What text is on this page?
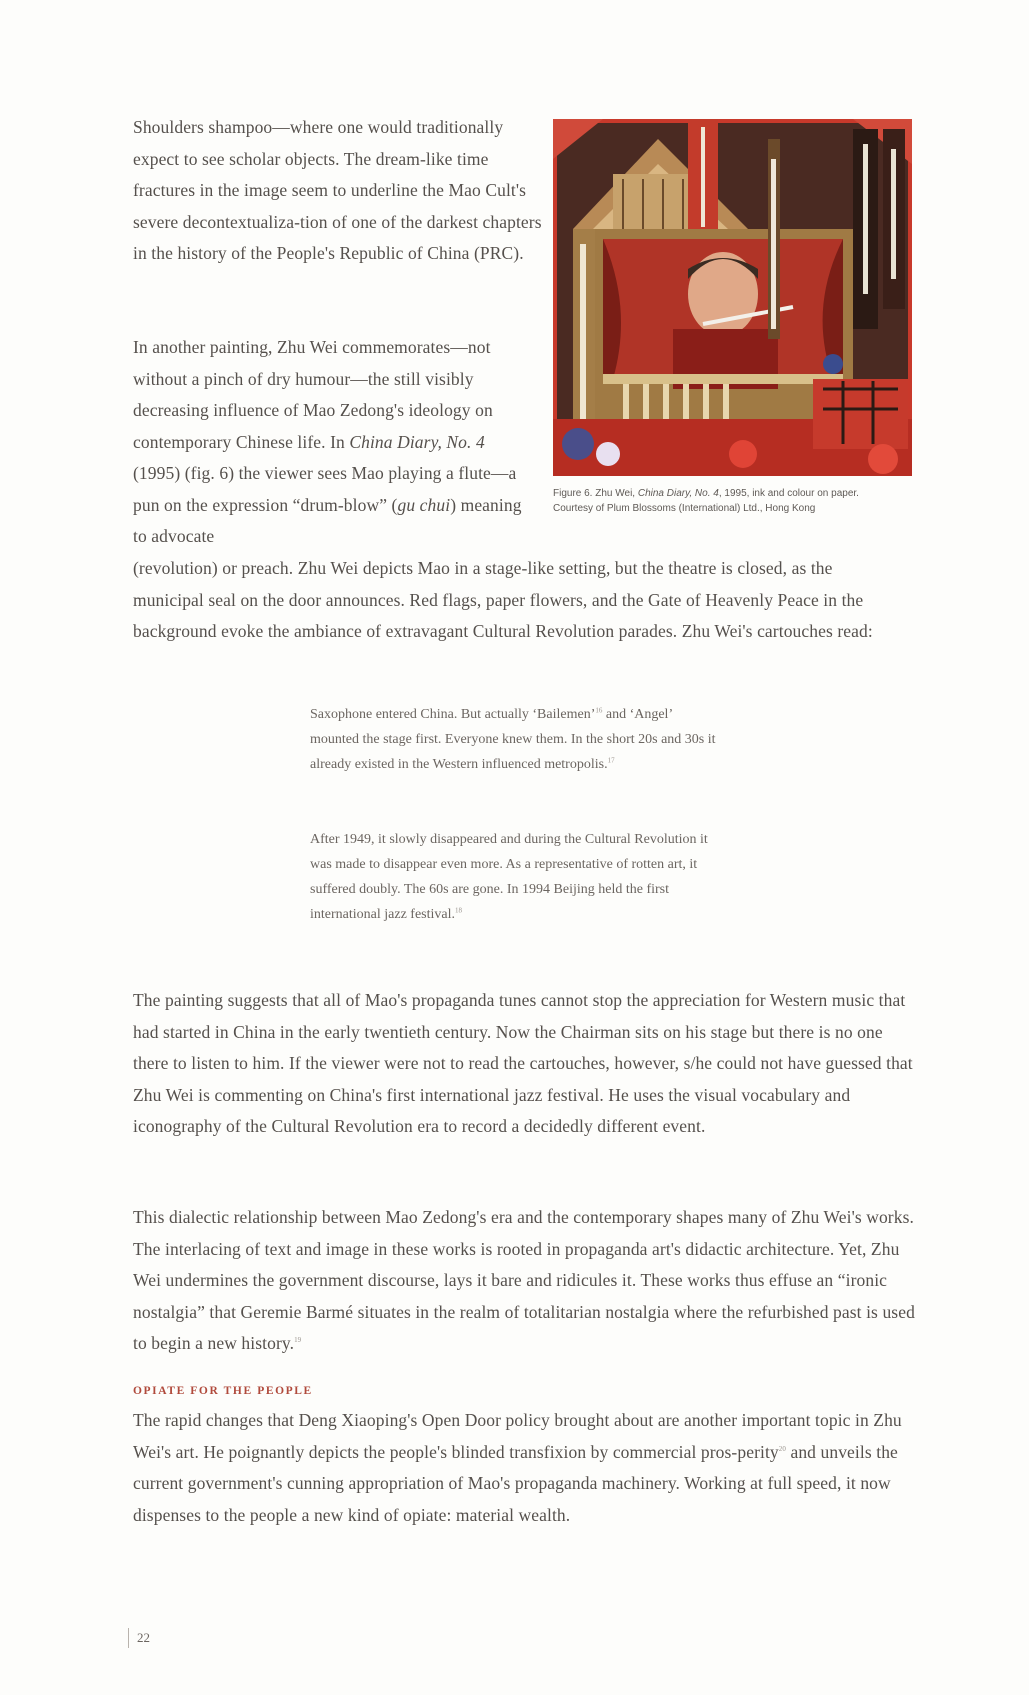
Shoulders shampoo—where one would traditionally expect to see scholar objects. The dream-like time fractures in the image seem to underline the Mao Cult's severe decontextualiza-tion of one of the darkest chapters in the history of the People's Republic of China (PRC).

In another painting, Zhu Wei commemorates—not without a pinch of dry humour—the still visibly decreasing influence of Mao Zedong's ideology on contemporary Chinese life. In China Diary, No. 4 (1995) (fig. 6) the viewer sees Mao playing a flute—a pun on the expression “drum-blow” (gu chui) meaning to advocate

(revolution) or preach. Zhu Wei depicts Mao in a stage-like setting, but the theatre is closed, as the municipal seal on the door announces. Red flags, paper flowers, and the Gate of Heavenly Peace in the background evoke the ambiance of extravagant Cultural Revolution parades. Zhu Wei's cartouches read:

Figure 6. Zhu Wei, China Diary, No. 4, 1995, ink and colour on paper.
Courtesy of Plum Blossoms (International) Ltd., Hong Kong

Saxophone entered China. But actually ‘Bailemen’$^{16}$ and ‘Angel’ mounted the stage first. Everyone knew them. In the short 20s and 30s it already existed in the Western influenced metropolis.$^{17}$

After 1949, it slowly disappeared and during the Cultural Revolution it was made to disappear even more. As a representative of rotten art, it suffered doubly. The 60s are gone. In 1994 Beijing held the first international jazz festival.$^{18}$

The painting suggests that all of Mao's propaganda tunes cannot stop the appreciation for Western music that had started in China in the early twentieth century. Now the Chairman sits on his stage but there is no one there to listen to him. If the viewer were not to read the cartouches, however, s/he could not have guessed that Zhu Wei is commenting on China's first international jazz festival. He uses the visual vocabulary and iconography of the Cultural Revolution era to record a decidedly different event.

This dialectic relationship between Mao Zedong's era and the contemporary shapes many of Zhu Wei's works. The interlacing of text and image in these works is rooted in propaganda art's didactic architecture. Yet, Zhu Wei undermines the government discourse, lays it bare and ridicules it. These works thus effuse an “ironic nostalgia” that Geremie Barmé situates in the realm of totalitarian nostalgia where the refurbished past is used to begin a new history.$^{19}$

OPIATE FOR THE PEOPLE

The rapid changes that Deng Xiaoping's Open Door policy brought about are another important topic in Zhu Wei's art. He poignantly depicts the people's blinded transfixion by commercial pros-perity$^{20}$ and unveils the current government's cunning appropriation of Mao's propaganda machinery. Working at full speed, it now dispenses to the people a new kind of opiate: material wealth.

22
